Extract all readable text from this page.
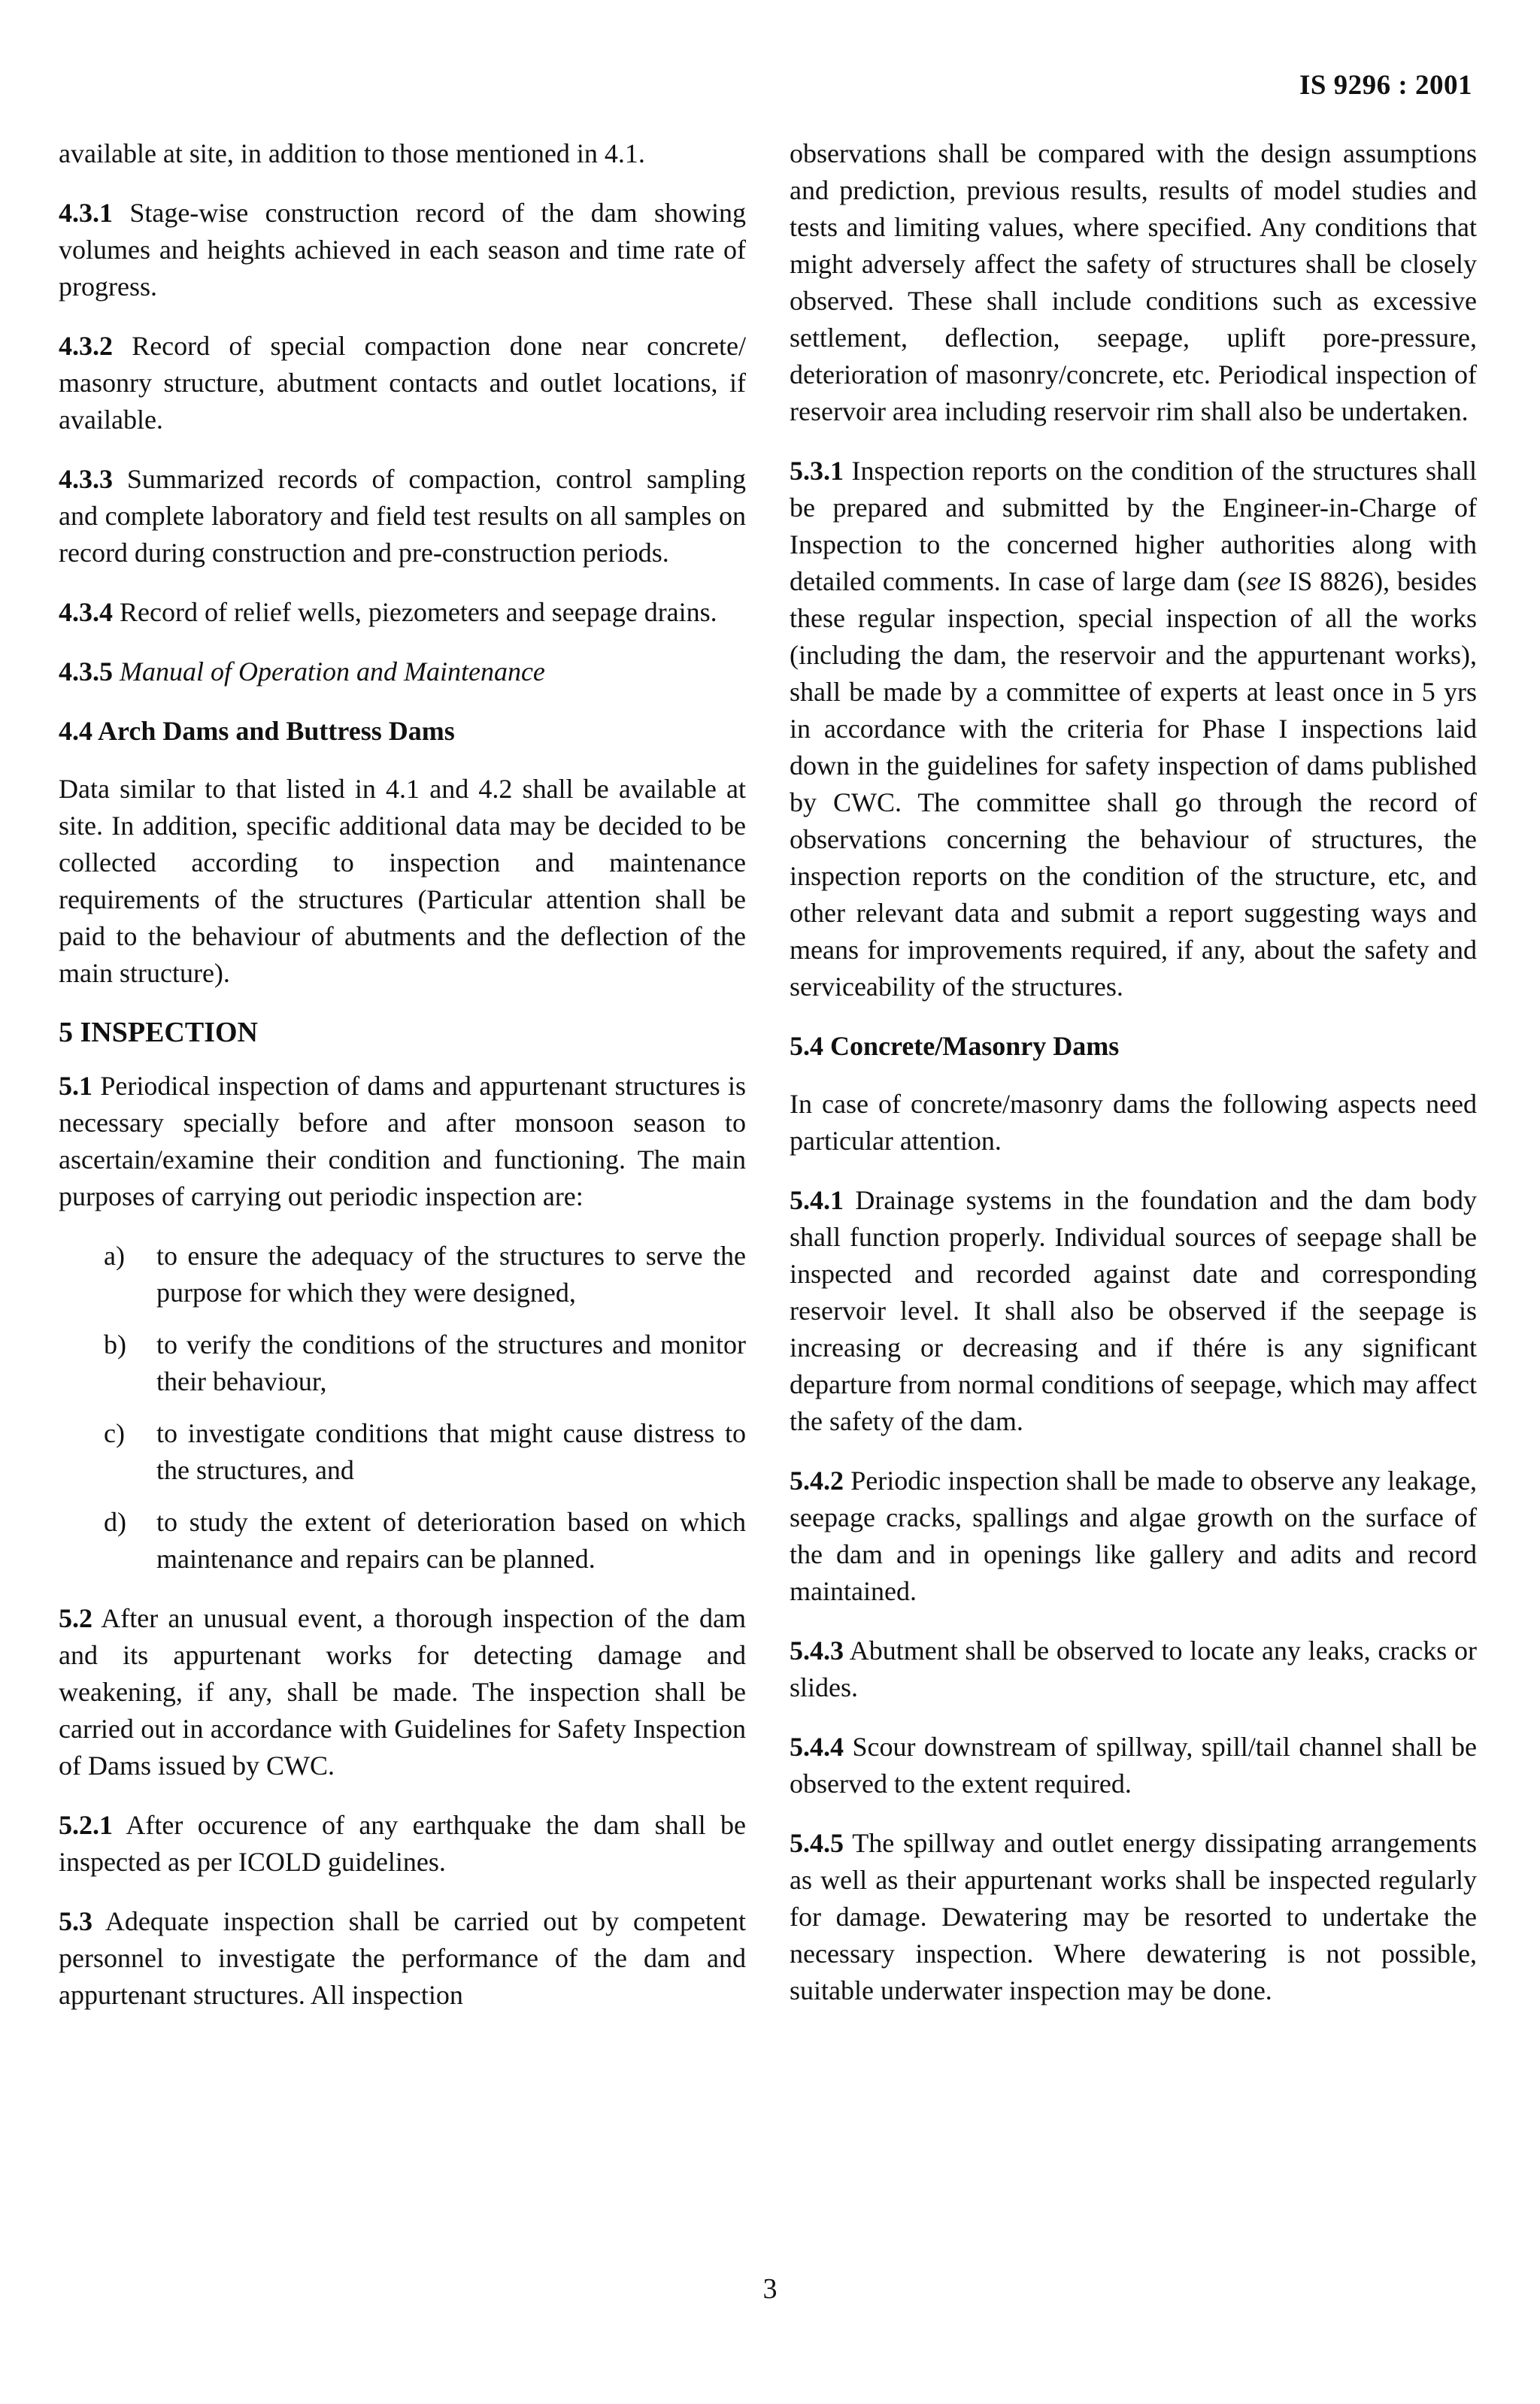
IS 9296 : 2001

available at site, in addition to those mentioned in 4.1.

4.3.1 Stage-wise construction record of the dam showing volumes and heights achieved in each season and time rate of progress.

4.3.2 Record of special compaction done near concrete/ masonry structure, abutment contacts and outlet locations, if available.

4.3.3 Summarized records of compaction, control sampling and complete laboratory and field test results on all samples on record during construction and pre-construction periods.

4.3.4 Record of relief wells, piezometers and seepage drains.

4.3.5 Manual of Operation and Maintenance

4.4 Arch Dams and Buttress Dams

Data similar to that listed in 4.1 and 4.2 shall be available at site. In addition, specific additional data may be decided to be collected according to inspection and maintenance requirements of the structures (Particular attention shall be paid to the behaviour of abutments and the deflection of the main structure).

5 INSPECTION

5.1 Periodical inspection of dams and appurtenant structures is necessary specially before and after monsoon season to ascertain/examine their condition and functioning. The main purposes of carrying out periodic inspection are:

a)	to ensure the adequacy of the structures to serve the purpose for which they were designed,
b)	to verify the conditions of the structures and monitor their behaviour,
c)	to investigate conditions that might cause distress to the structures, and
d)	to study the extent of deterioration based on which maintenance and repairs can be planned.

5.2 After an unusual event, a thorough inspection of the dam and its appurtenant works for detecting damage and weakening, if any, shall be made. The inspection shall be carried out in accordance with Guidelines for Safety Inspection of Dams issued by CWC.

5.2.1 After occurence of any earthquake the dam shall be inspected as per ICOLD guidelines.

5.3 Adequate inspection shall be carried out by competent personnel to investigate the performance of the dam and appurtenant structures. All inspection

observations shall be compared with the design assumptions and prediction, previous results, results of model studies and tests and limiting values, where specified. Any conditions that might adversely affect the safety of structures shall be closely observed. These shall include conditions such as excessive settlement, deflection, seepage, uplift pore-pressure, deterioration of masonry/concrete, etc. Periodical inspection of reservoir area including reservoir rim shall also be undertaken.

5.3.1 Inspection reports on the condition of the structures shall be prepared and submitted by the Engineer-in-Charge of Inspection to the concerned higher authorities along with detailed comments. In case of large dam (see IS 8826), besides these regular inspection, special inspection of all the works (including the dam, the reservoir and the appurtenant works), shall be made by a committee of experts at least once in 5 yrs in accordance with the criteria for Phase I inspections laid down in the guidelines for safety inspection of dams published by CWC. The committee shall go through the record of observations concerning the behaviour of structures, the inspection reports on the condition of the structure, etc, and other relevant data and submit a report suggesting ways and means for improvements required, if any, about the safety and serviceability of the structures.

5.4 Concrete/Masonry Dams

In case of concrete/masonry dams the following aspects need particular attention.

5.4.1 Drainage systems in the foundation and the dam body shall function properly. Individual sources of seepage shall be inspected and recorded against date and corresponding reservoir level. It shall also be observed if the seepage is increasing or decreasing and if thére is any significant departure from normal conditions of seepage, which may affect the safety of the dam.

5.4.2 Periodic inspection shall be made to observe any leakage, seepage cracks, spallings and algae growth on the surface of the dam and in openings like gallery and adits and record maintained.

5.4.3 Abutment shall be observed to locate any leaks, cracks or slides.

5.4.4 Scour downstream of spillway, spill/tail channel shall be observed to the extent required.

5.4.5 The spillway and outlet energy dissipating arrangements as well as their appurtenant works shall be inspected regularly for damage. Dewatering may be resorted to undertake the necessary inspection. Where dewatering is not possible, suitable underwater inspection may be done.

3
